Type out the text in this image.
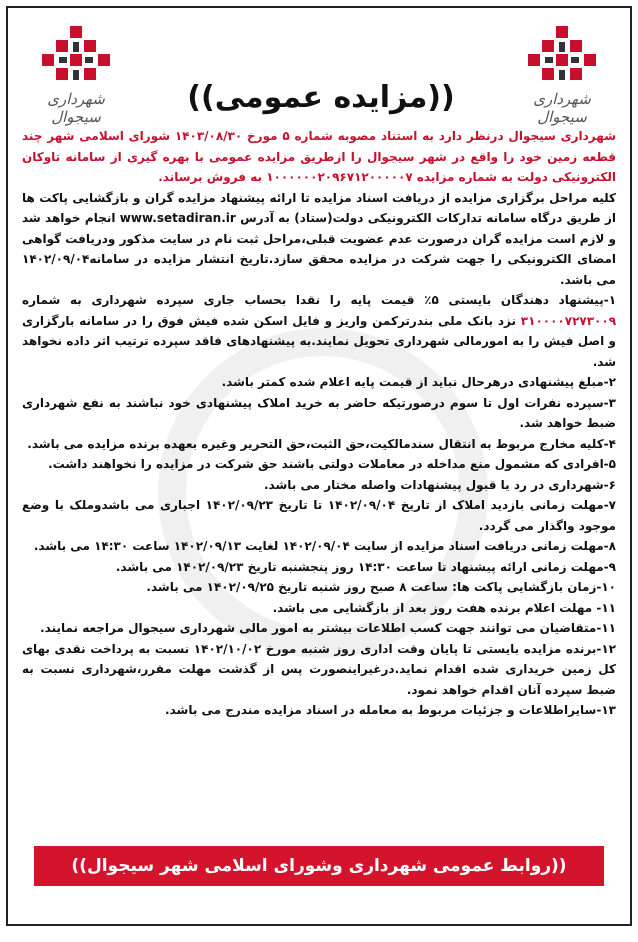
شهرداری سیجوال
شهرداری سیجوال
((مزایده عمومی))

شهرداری سیجوال درنظر دارد به استناد مصوبه شماره ۵ مورخ ۱۴۰۳/۰۸/۳۰ شورای اسلامی شهر چند قطعه زمین خود را واقع در شهر سیجوال را ازطریق مزایده عمومی با بهره گیری از سامانه تاوکان الکترونیکی دولت به شماره مزایده ۱۰۰۰۰۰۰۲۰۹۶۷۱۲۰۰۰۰۰۷ به فروش برساند.

کلیه مراحل برگزاری مزایده از دریافت اسناد مزایده تا ارائه پیشنهاد مزایده گران و بازگشایی پاکت ها از طریق درگاه سامانه تدارکات الکترونیکی دولت(ستاد) به آدرس www.setadiran.ir انجام خواهد شد و لازم است مزایده گران درصورت عدم عضویت قبلی،مراحل ثبت نام در سایت مذکور ودریافت گواهی امضای الکترونیکی را جهت شرکت در مزایده محقق سازد.تاریخ انتشار مزایده در سامانه۱۴۰۲/۰۹/۰۴ می باشد.

۱-پیشنهاد دهندگان بایستی ۵٪ قیمت پایه را نقدا بحساب جاری سپرده شهرداری به شماره ۳۱۰۰۰۰۷۲۷۳۰۰۹ نزد بانک ملی بندرترکمن واریز و فایل اسکن شده فیش فوق را در سامانه بارگزاری و اصل فیش را به امورمالی شهرداری تحویل نمایند.به پیشنهادهای فاقد سپرده ترتیب اثر داده نخواهد شد.

۲-مبلغ پیشنهادی درهرحال نباید از قیمت پایه اعلام شده کمتر باشد.

۳-سپرده نفرات اول تا سوم درصورتیکه حاضر به خرید املاک پیشنهادی خود نباشند به نفع شهرداری ضبط خواهد شد.

۴-کلیه مخارج مربوط به انتقال سندمالکیت،حق الثبت،حق التحریر وغیره بعهده برنده مزایده می باشد.

۵-افرادی که مشمول منع مداخله در معاملات دولتی باشند حق شرکت در مزایده را نخواهند داشت.

۶-شهرداری در رد یا قبول پیشنهادات واصله مختار می باشد.

۷-مهلت زمانی بازدید املاک از تاریخ ۱۴۰۲/۰۹/۰۴ تا تاریخ ۱۴۰۲/۰۹/۲۳ اجباری می باشدوملک با وضع موجود واگذار می گردد.

۸-مهلت زمانی دریافت اسناد مزایده از سایت ۱۴۰۲/۰۹/۰۴ لغایت ۱۴۰۲/۰۹/۱۳ ساعت ۱۴:۳۰ می باشد.

۹-مهلت زمانی ارائه پیشنهاد تا ساعت ۱۴:۳۰ روز پنجشنبه تاریخ ۱۴۰۲/۰۹/۲۳ می باشد.

۱۰-زمان بازگشایی پاکت ها: ساعت ۸ صبح روز شنبه تاریخ ۱۴۰۲/۰۹/۲۵ می باشد.

۱۱- مهلت اعلام برنده هفت روز بعد از بازگشایی می باشد.

۱۱-متقاضیان می توانند جهت کسب اطلاعات بیشتر به امور مالی شهرداری سیجوال مراجعه نمایند.

۱۲-برنده مزایده بایستی تا پایان وقت اداری روز شنبه مورخ ۱۴۰۲/۱۰/۰۲ نسبت به پرداخت نقدی بهای کل زمین خریداری شده اقدام نماید.درغیراینصورت پس از گذشت مهلت مقرر،شهرداری نسبت به ضبط سپرده آنان اقدام خواهد نمود.

۱۳-سایراطلاعات و جزئیات مربوط به معامله در اسناد مزایده مندرج می باشد.

((روابط عمومی شهرداری وشورای اسلامی شهر سیجوال))
